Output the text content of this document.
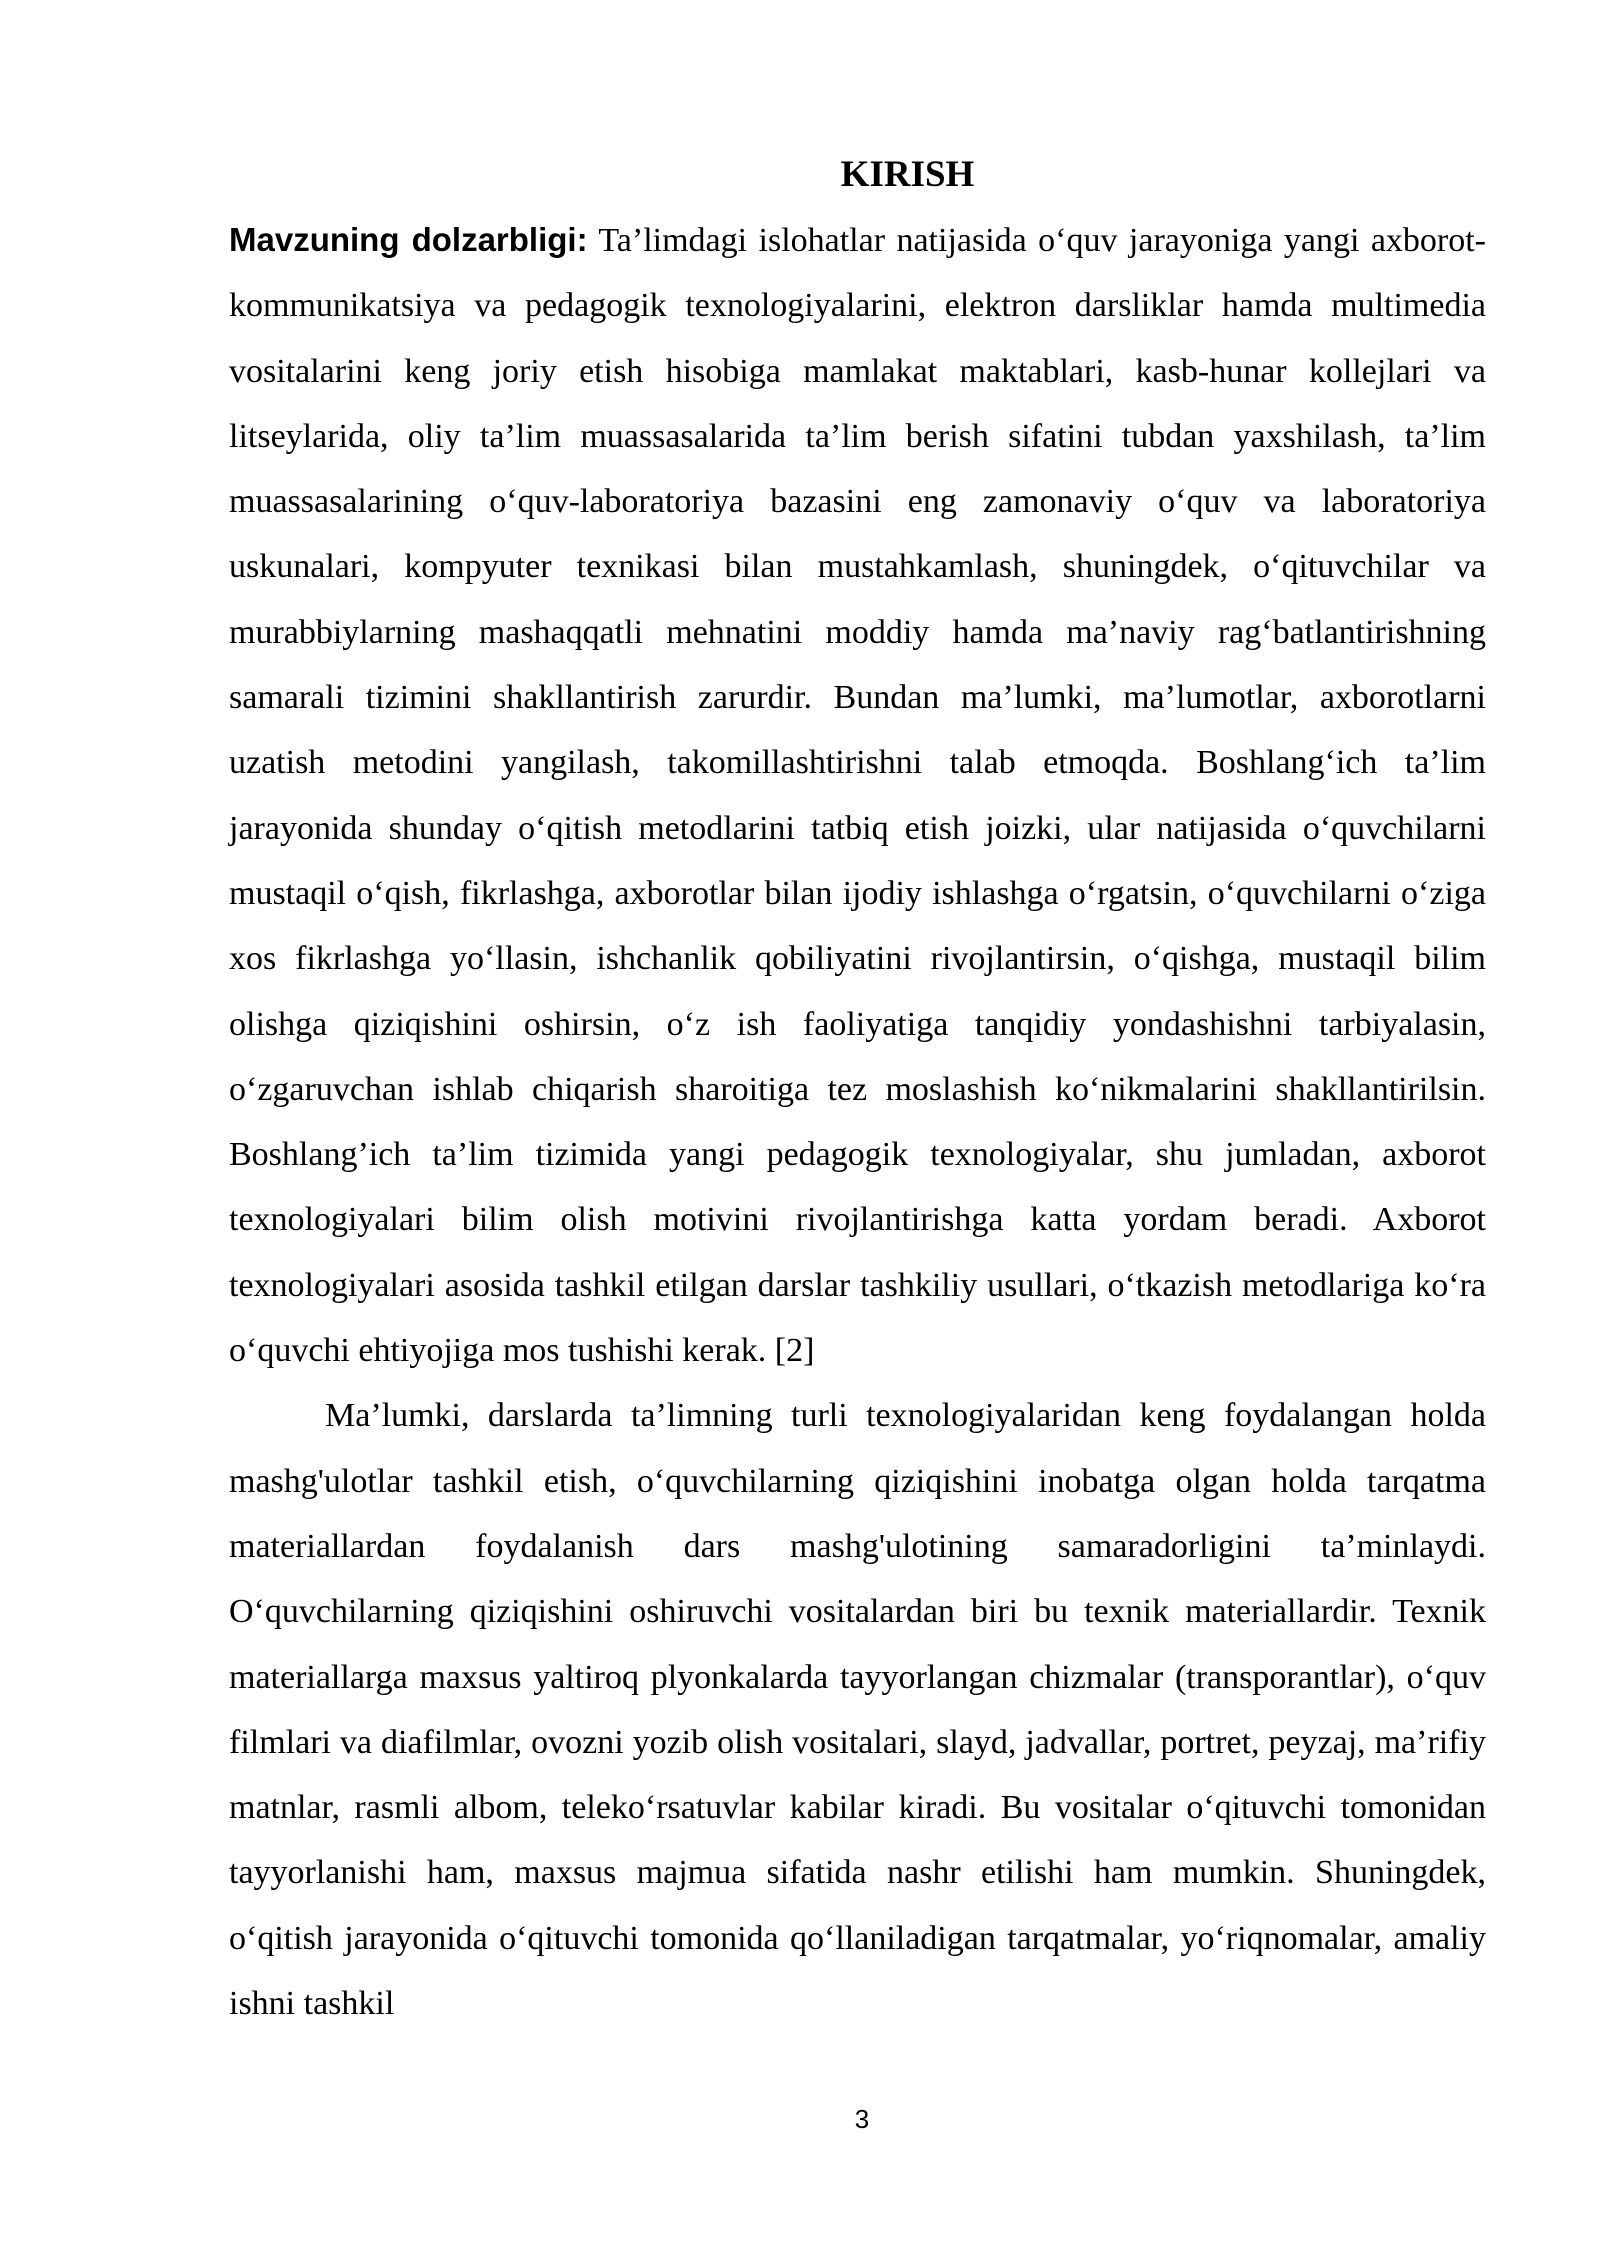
KIRISH

Mavzuning dolzarbligi: Ta’limdagi islohatlar natijasida o‘quv jarayoniga yangi axborot-kommunikatsiya va pedagogik texnologiyalarini, elektron darsliklar hamda multimedia vositalarini keng joriy etish hisobiga mamlakat maktablari, kasb-hunar kollejlari va litseylarida, oliy ta’lim muassasalarida ta’lim berish sifatini tubdan yaxshilash, ta’lim muassasalarining o‘quv-laboratoriya bazasini eng zamonaviy o‘quv va laboratoriya uskunalari, kompyuter texnikasi bilan mustahkamlash, shuningdek, o‘qituvchilar va murabbiylarning mashaqqatli mehnatini moddiy hamda ma’naviy rag‘batlantirishning samarali tizimini shakllantirish zarurdir. Bundan ma’lumki, ma’lumotlar, axborotlarni uzatish metodini yangilash, takomillashtirishni talab etmoqda. Boshlang‘ich ta’lim jarayonida shunday o‘qitish metodlarini tatbiq etish joizki, ular natijasida o‘quvchilarni mustaqil o‘qish, fikrlashga, axborotlar bilan ijodiy ishlashga o‘rgatsin, o‘quvchilarni o‘ziga xos fikrlashga yo‘llasin, ishchanlik qobiliyatini rivojlantirsin, o‘qishga, mustaqil bilim olishga qiziqishini oshirsin, o‘z ish faoliyatiga tanqidiy yondashishni tarbiyalasin, o‘zgaruvchan ishlab chiqarish sharoitiga tez moslashish ko‘nikmalarini shakllantirilsin. Boshlang’ich ta’lim tizimida yangi pedagogik texnologiyalar, shu jumladan, axborot texnologiyalari bilim olish motivini rivojlantirishga katta yordam beradi. Axborot texnologiyalari asosida tashkil etilgan darslar tashkiliy usullari, o‘tkazish metodlariga ko‘ra o‘quvchi ehtiyojiga mos tushishi kerak. [2]

Ma’lumki, darslarda ta’limning turli texnologiyalaridan keng foydalangan holda mashg'ulotlar tashkil etish, o‘quvchilarning qiziqishini inobatga olgan holda tarqatma materiallardan foydalanish dars mashg'ulotining samaradorligini ta’minlaydi. O‘quvchilarning qiziqishini oshiruvchi vositalardan biri bu texnik materiallardir. Texnik materiallarga maxsus yaltiroq plyonkalarda tayyorlangan chizmalar (transporantlar), o‘quv filmlari va diafilmlar, ovozni yozib olish vositalari, slayd, jadvallar, portret, peyzaj, ma’rifiy matnlar, rasmli albom, teleko‘rsatuvlar kabilar kiradi. Bu vositalar o‘qituvchi tomonidan tayyorlanishi ham, maxsus majmua sifatida nashr etilishi ham mumkin. Shuningdek, o‘qitish jarayonida o‘qituvchi tomonida qo‘llaniladigan tarqatmalar, yo‘riqnomalar, amaliy ishni tashkil

3
